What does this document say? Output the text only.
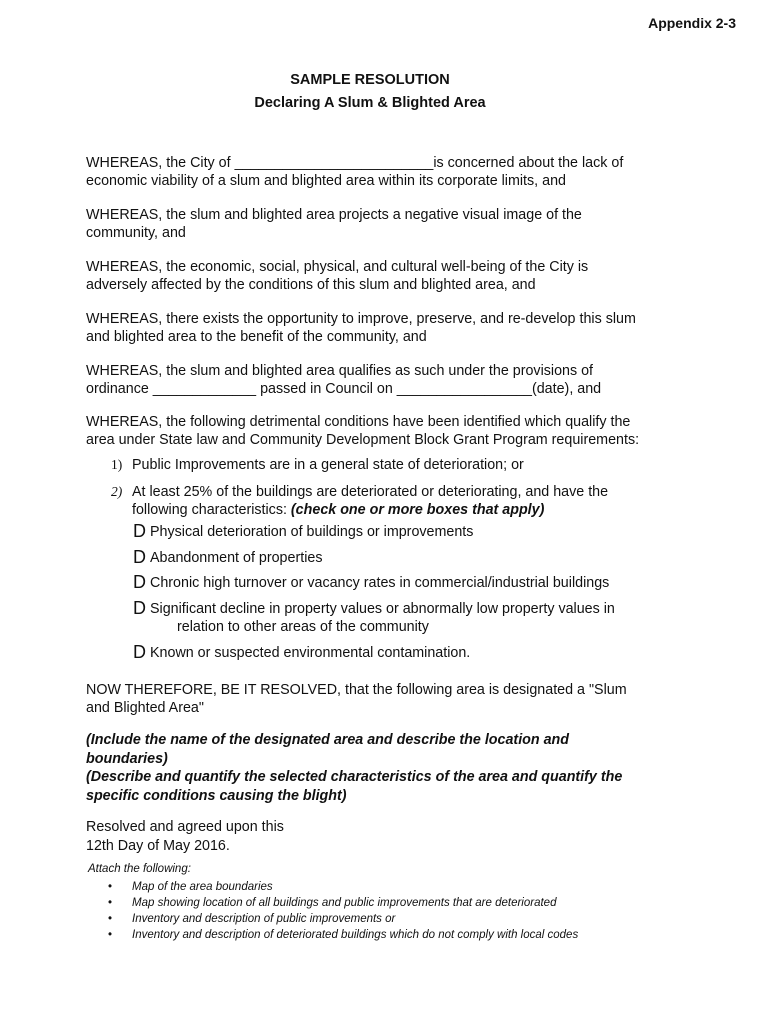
Appendix 2-3
SAMPLE RESOLUTION
Declaring A Slum & Blighted Area
WHEREAS, the City of _________________________is concerned about the lack of
economic viability of a slum and blighted area within its corporate limits, and
WHEREAS, the slum and blighted area projects a negative visual image of the
community, and
WHEREAS, the economic, social, physical, and cultural well-being of the City is
adversely affected by the conditions of this slum and blighted area, and
WHEREAS, there exists the opportunity to improve, preserve, and re-develop this slum
and blighted area to the benefit of the community, and
WHEREAS, the slum and blighted area qualifies as such under the provisions of
ordinance _____________ passed in Council on _________________(date), and
WHEREAS, the following detrimental conditions have been identified which qualify the
area under State law and Community Development Block Grant Program requirements:
1) Public Improvements are in a general state of deterioration; or
2) At least 25% of the buildings are deteriorated or deteriorating, and have the
following characteristics: (check one or more boxes that apply)
D Physical deterioration of buildings or improvements
D Abandonment of properties
D Chronic high turnover or vacancy rates in commercial/industrial buildings
D Significant decline in property values or abnormally low property values in
relation to other areas of the community
D Known or suspected environmental contamination.
NOW THEREFORE, BE IT RESOLVED, that the following area is designated a "Slum
and Blighted Area"
(Include the name of the designated area and describe the location and
boundaries)
(Describe and quantify the selected characteristics of the area and quantify the
specific conditions causing the blight)
Resolved and agreed upon this
12th Day of May 2016.
Attach the following:
• Map of the area boundaries
• Map showing location of all buildings and public improvements that are deteriorated
• Inventory and description of public improvements or
• Inventory and description of deteriorated buildings which do not comply with local codes
